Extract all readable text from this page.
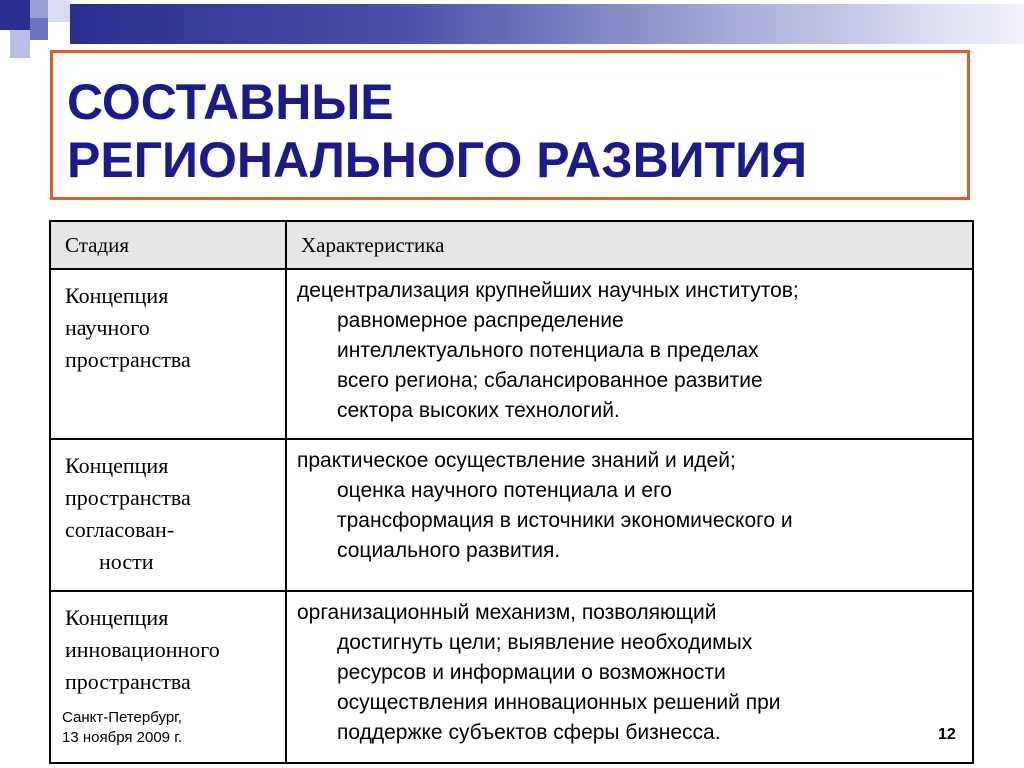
СОСТАВНЫЕ
РЕГИОНАЛЬНОГО РАЗВИТИЯ
Стадия	Характеристика

Концепция
научного
пространства	децентрализация крупнейших научных институтов;
равномерное распределение
интеллектуального потенциала в пределах
всего региона; сбалансированное развитие
сектора высоких технологий.

Концепция
пространства
согласован-
ности	практическое осуществление знаний и идей;
оценка научного потенциала и его
трансформация в источники экономического и
социального развития.

Концепция
инновационного
пространства	организационный механизм, позволяющий
достигнуть цели; выявление необходимых
ресурсов и информации о возможности
осуществления инновационных решений при
поддержке субъектов сферы бизнесса.
Санкт-Петербург,
13 ноября 2009 г.	12
